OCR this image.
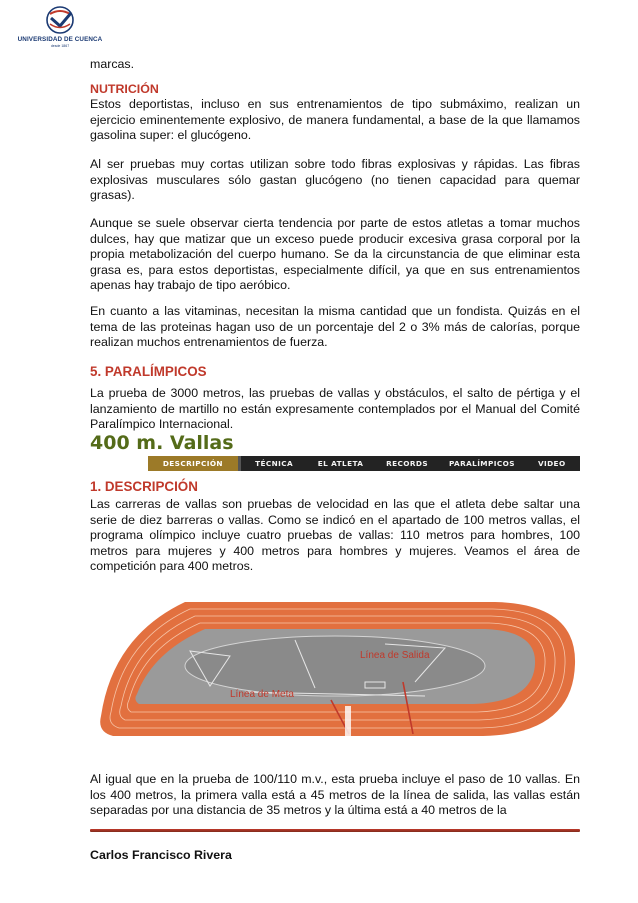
UNIVERSIDAD DE CUENCA
desde 1867

marcas.

NUTRICIÓN

Estos deportistas, incluso en sus entrenamientos de tipo submáximo, realizan un ejercicio eminentemente explosivo, de manera fundamental, a base de la que llamamos gasolina super: el glucógeno.

Al ser pruebas muy cortas utilizan sobre todo fibras explosivas y rápidas. Las fibras explosivas musculares sólo gastan glucógeno (no tienen capacidad para quemar grasas).

Aunque se suele observar cierta tendencia por parte de estos atletas a tomar muchos dulces, hay que matizar que un exceso puede producir excesiva grasa corporal por la propia metabolización del cuerpo humano. Se da la circunstancia de que eliminar esta grasa es, para estos deportistas, especialmente difícil, ya que en sus entrenamientos apenas hay trabajo de tipo aeróbico.

En cuanto a las vitaminas, necesitan la misma cantidad que un fondista. Quizás en el tema de las proteinas hagan uso de un porcentaje del 2 o 3% más de calorías, porque realizan muchos entrenamientos de fuerza.

5. PARALÍMPICOS

La prueba de 3000 metros, las pruebas de vallas y obstáculos, el salto de pértiga y el lanzamiento de martillo no están expresamente contemplados por el Manual del Comité Paralímpico Internacional.

400 m. Vallas
1. DESCRIPCIÓN

Las carreras de vallas son pruebas de velocidad en las que el atleta debe saltar una serie de diez barreras o vallas. Como se indicó en el apartado de 100 metros vallas, el programa olímpico incluye cuatro pruebas de vallas: 110 metros para hombres, 100 metros para mujeres y 400 metros para hombres y mujeres. Veamos el área de competición para 400 metros.

Al igual que en la prueba de 100/110 m.v., esta prueba incluye el paso de 10 vallas. En los 400 metros, la primera valla está a 45 metros de la línea de salida, las vallas están separadas por una distancia de 35 metros y la última está a 40 metros de la

DESCRIPCIÓN	TÉCNICA	EL ATLETA	RECORDS	PARALÍMPICOS	VIDEO
Línea de Salida
Línea de Meta
Carlos Francisco Rivera
